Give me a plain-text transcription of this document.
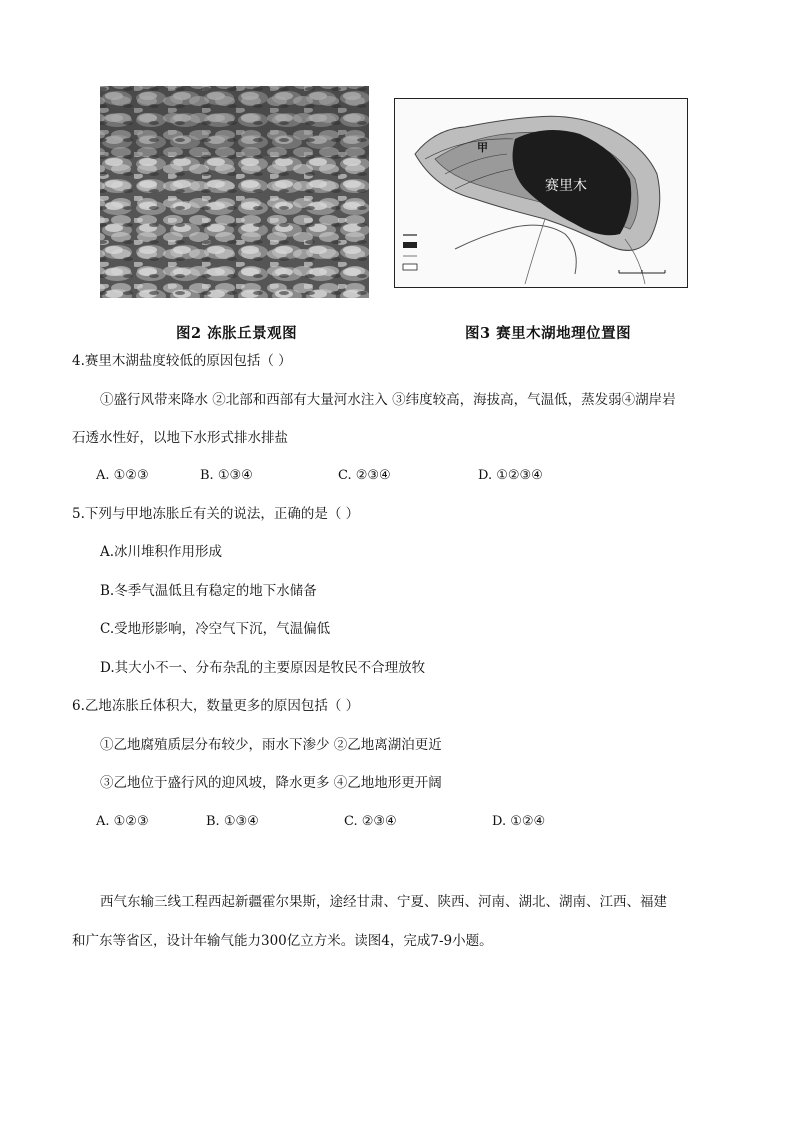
赛里木
甲
图2 冻胀丘景观图	图3 赛里木湖地理位置图
4.赛里木湖盐度较低的原因包括（ ）
①盛行风带来降水 ②北部和西部有大量河水注入 ③纬度较高，海拔高，气温低，蒸发弱④湖岸岩
石透水性好，以地下水形式排水排盐
A. ①②③	B. ①③④	C. ②③④	D. ①②③④
5.下列与甲地冻胀丘有关的说法，正确的是（ ）
A.冰川堆积作用形成
B.冬季气温低且有稳定的地下水储备
C.受地形影响，冷空气下沉，气温偏低
D.其大小不一、分布杂乱的主要原因是牧民不合理放牧
6.乙地冻胀丘体积大，数量更多的原因包括（ ）
①乙地腐殖质层分布较少，雨水下渗少 ②乙地离湖泊更近
③乙地位于盛行风的迎风坡，降水更多 ④乙地地形更开阔
A. ①②③	B. ①③④	C. ②③④	D. ①②④
西气东输三线工程西起新疆霍尔果斯，途经甘肃、宁夏、陕西、河南、湖北、湖南、江西、福建
和广东等省区，设计年输气能力300亿立方米。读图4，完成7-9小题。
